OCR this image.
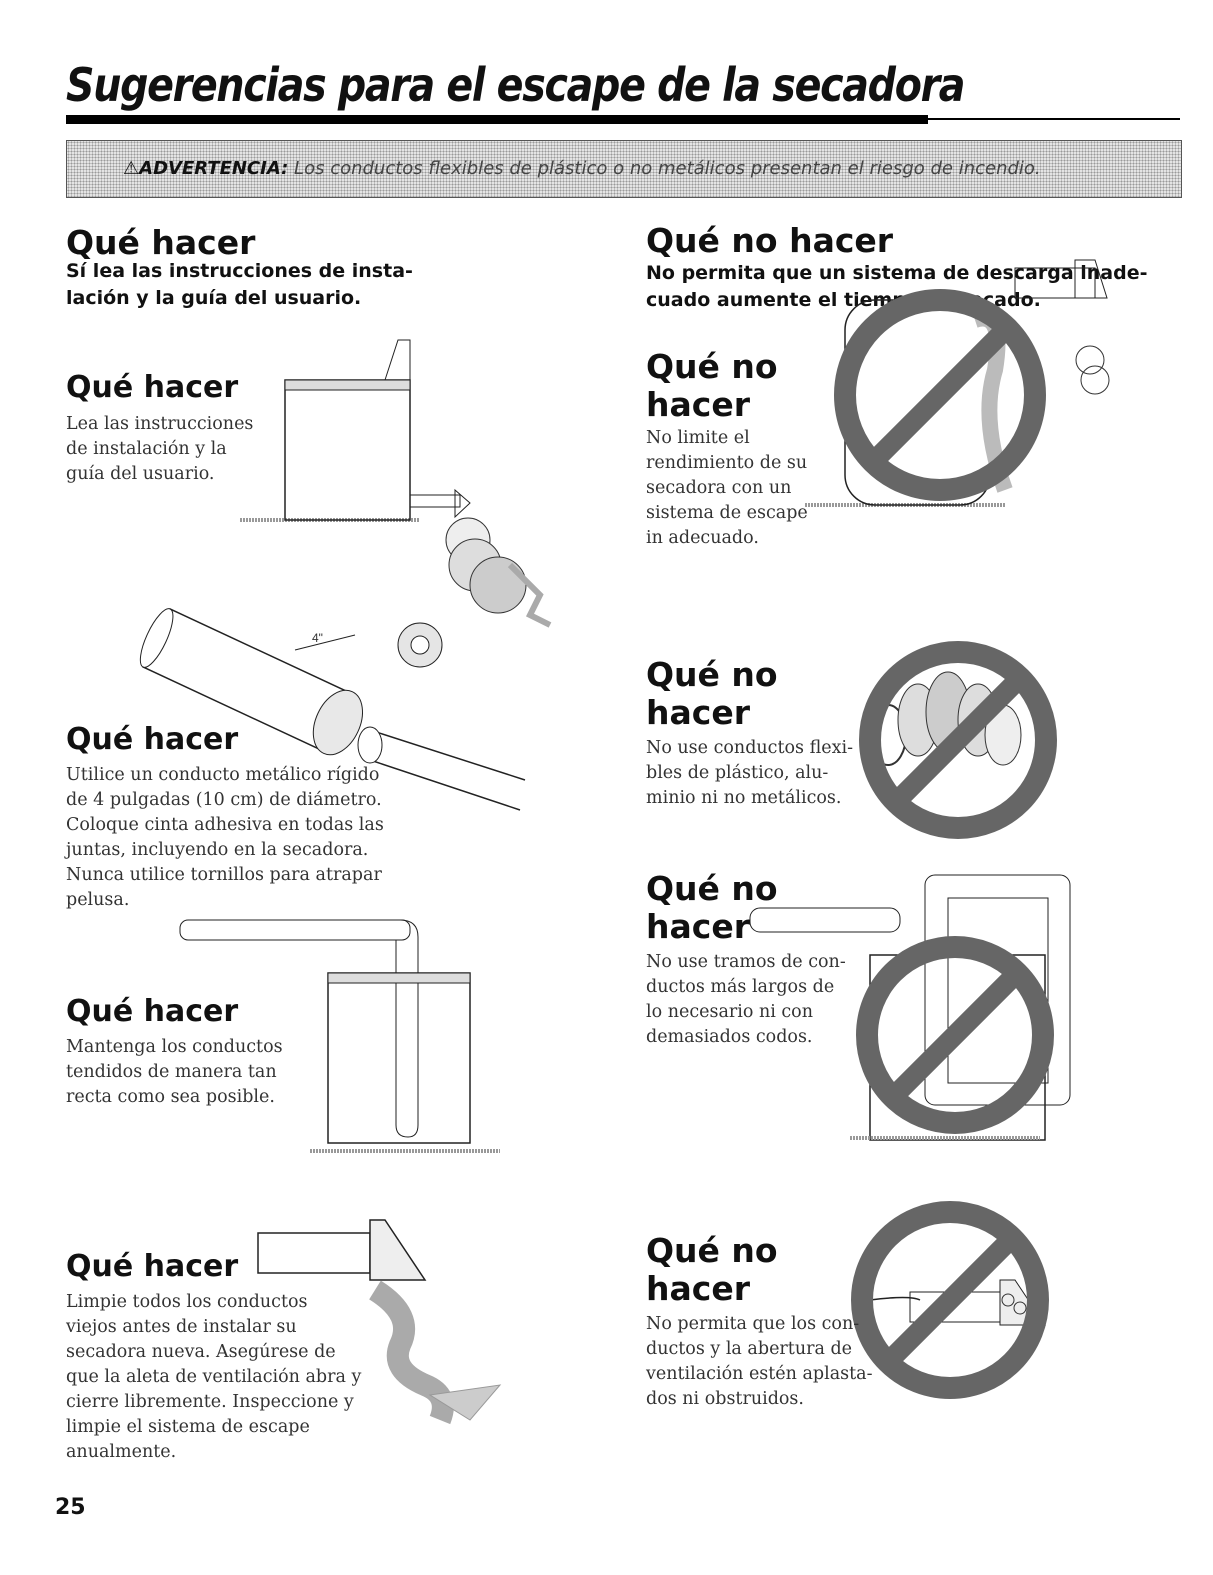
Sugerencias para el escape de la secadora
⚠ADVERTENCIA: Los conductos flexibles de plástico o no metálicos presentan el riesgo de incendio.
Qué hacer
Sí lea las instrucciones de insta-
lación y la guía del usuario.
Qué no hacer
No permita que un sistema de descarga inade-
cuado aumente el tiempo de secado.
Qué hacer
Lea las instrucciones
de instalación y la
guía del usuario.
4"
Qué hacer
Utilice un conducto metálico rígido
de 4 pulgadas (10 cm) de diámetro.
Coloque cinta adhesiva en todas las
juntas, incluyendo en la secadora.
Nunca utilice tornillos para atrapar
pelusa.
Qué hacer
Mantenga los conductos
tendidos de manera tan
recta como sea posible.
Qué hacer
Limpie todos los conductos
viejos antes de instalar su
secadora nueva. Asegúrese de
que la aleta de ventilación abra y
cierre libremente. Inspeccione y
limpie el sistema de escape
anualmente.
Qué no
hacer
No limite el
rendimiento de su
secadora con un
sistema de escape
in adecuado.
Qué no
hacer
No use conductos flexi-
bles de plástico, alu-
minio ni no metálicos.
Qué no
hacer
No use tramos de con-
ductos más largos de
lo necesario ni con
demasiados codos.
Qué no
hacer
No permita que los con-
ductos y la abertura de
ventilación estén aplasta-
dos ni obstruidos.
25
